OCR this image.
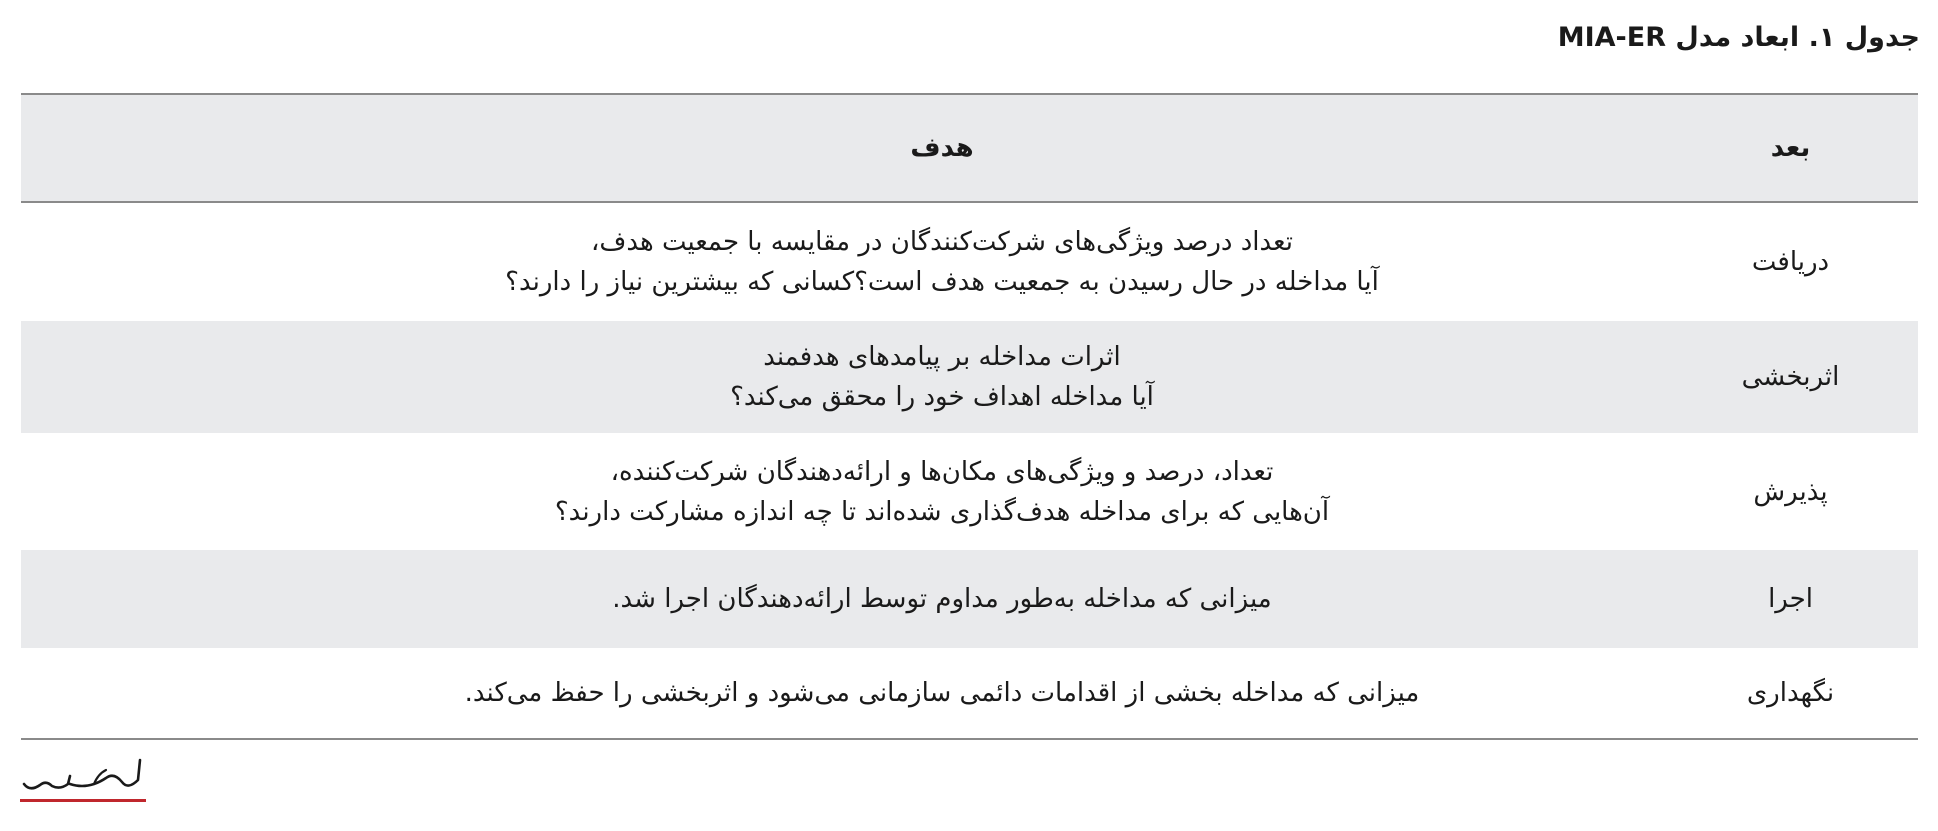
جدول ۱. ابعاد مدل MIA-ER
بعد
هدف
دریافت
تعداد درصد ویژگی‌های شرکت‌کنندگان در مقایسه با جمعیت هدف،
آیا مداخله در حال رسیدن به جمعیت هدف است؟کسانی که بیشترین نیاز را دارند؟
اثربخشی
اثرات مداخله بر پیامدهای هدفمند
آیا مداخله اهداف خود را محقق می‌کند؟
پذیرش
تعداد، درصد و ویژگی‌های مکان‌ها و ارائه‌دهندگان شرکت‌کننده،
آن‌هایی که برای مداخله هدف‌گذاری شده‌اند تا چه اندازه مشارکت دارند؟
اجرا
میزانی که مداخله به‌طور مداوم توسط ارائه‌دهندگان اجرا شد.
نگهداری
میزانی که مداخله بخشی از اقدامات دائمی سازمانی می‌شود و اثربخشی را حفظ می‌کند.
